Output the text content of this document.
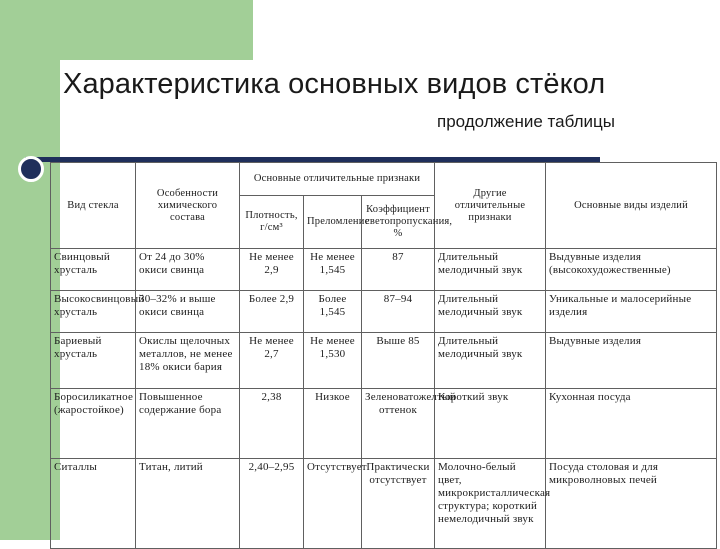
Характеристика основных видов стёкол
продолжение таблицы
Вид стекла	Особенности химического состава	Основные отличительные признаки			Другие отличительные признаки	Основные виды изделий
		Плотность, г/см³	Преломление	Коэффициент светопропускания, %		
Свинцовый хрусталь	От 24 до 30% окиси свинца	Не менее 2,9	Не менее 1,545	87	Длительный мелодичный звук	Выдувные изделия (высокохудожественные)
Высокосвинцовый хрусталь	30–32% и выше окиси свинца	Более 2,9	Более 1,545	87–94	Длительный мелодичный звук	Уникальные и малосерийные изделия
Бариевый хрусталь	Окислы щелочных металлов, не менее 18% окиси бария	Не менее 2,7	Не менее 1,530	Выше 85	Длительный мелодичный звук	Выдувные изделия
Боросиликатное (жаростойкое)	Повышенное содержание бора	2,38	Низкое	Зеленоватожелтый оттенок	Короткий звук	Кухонная посуда
Ситаллы	Титан, литий	2,40–2,95	Отсутствует	Практически отсутствует	Молочно-белый цвет, микрокристаллическая структура; короткий немелодичный звук	Посуда столовая и для микроволновых печей
